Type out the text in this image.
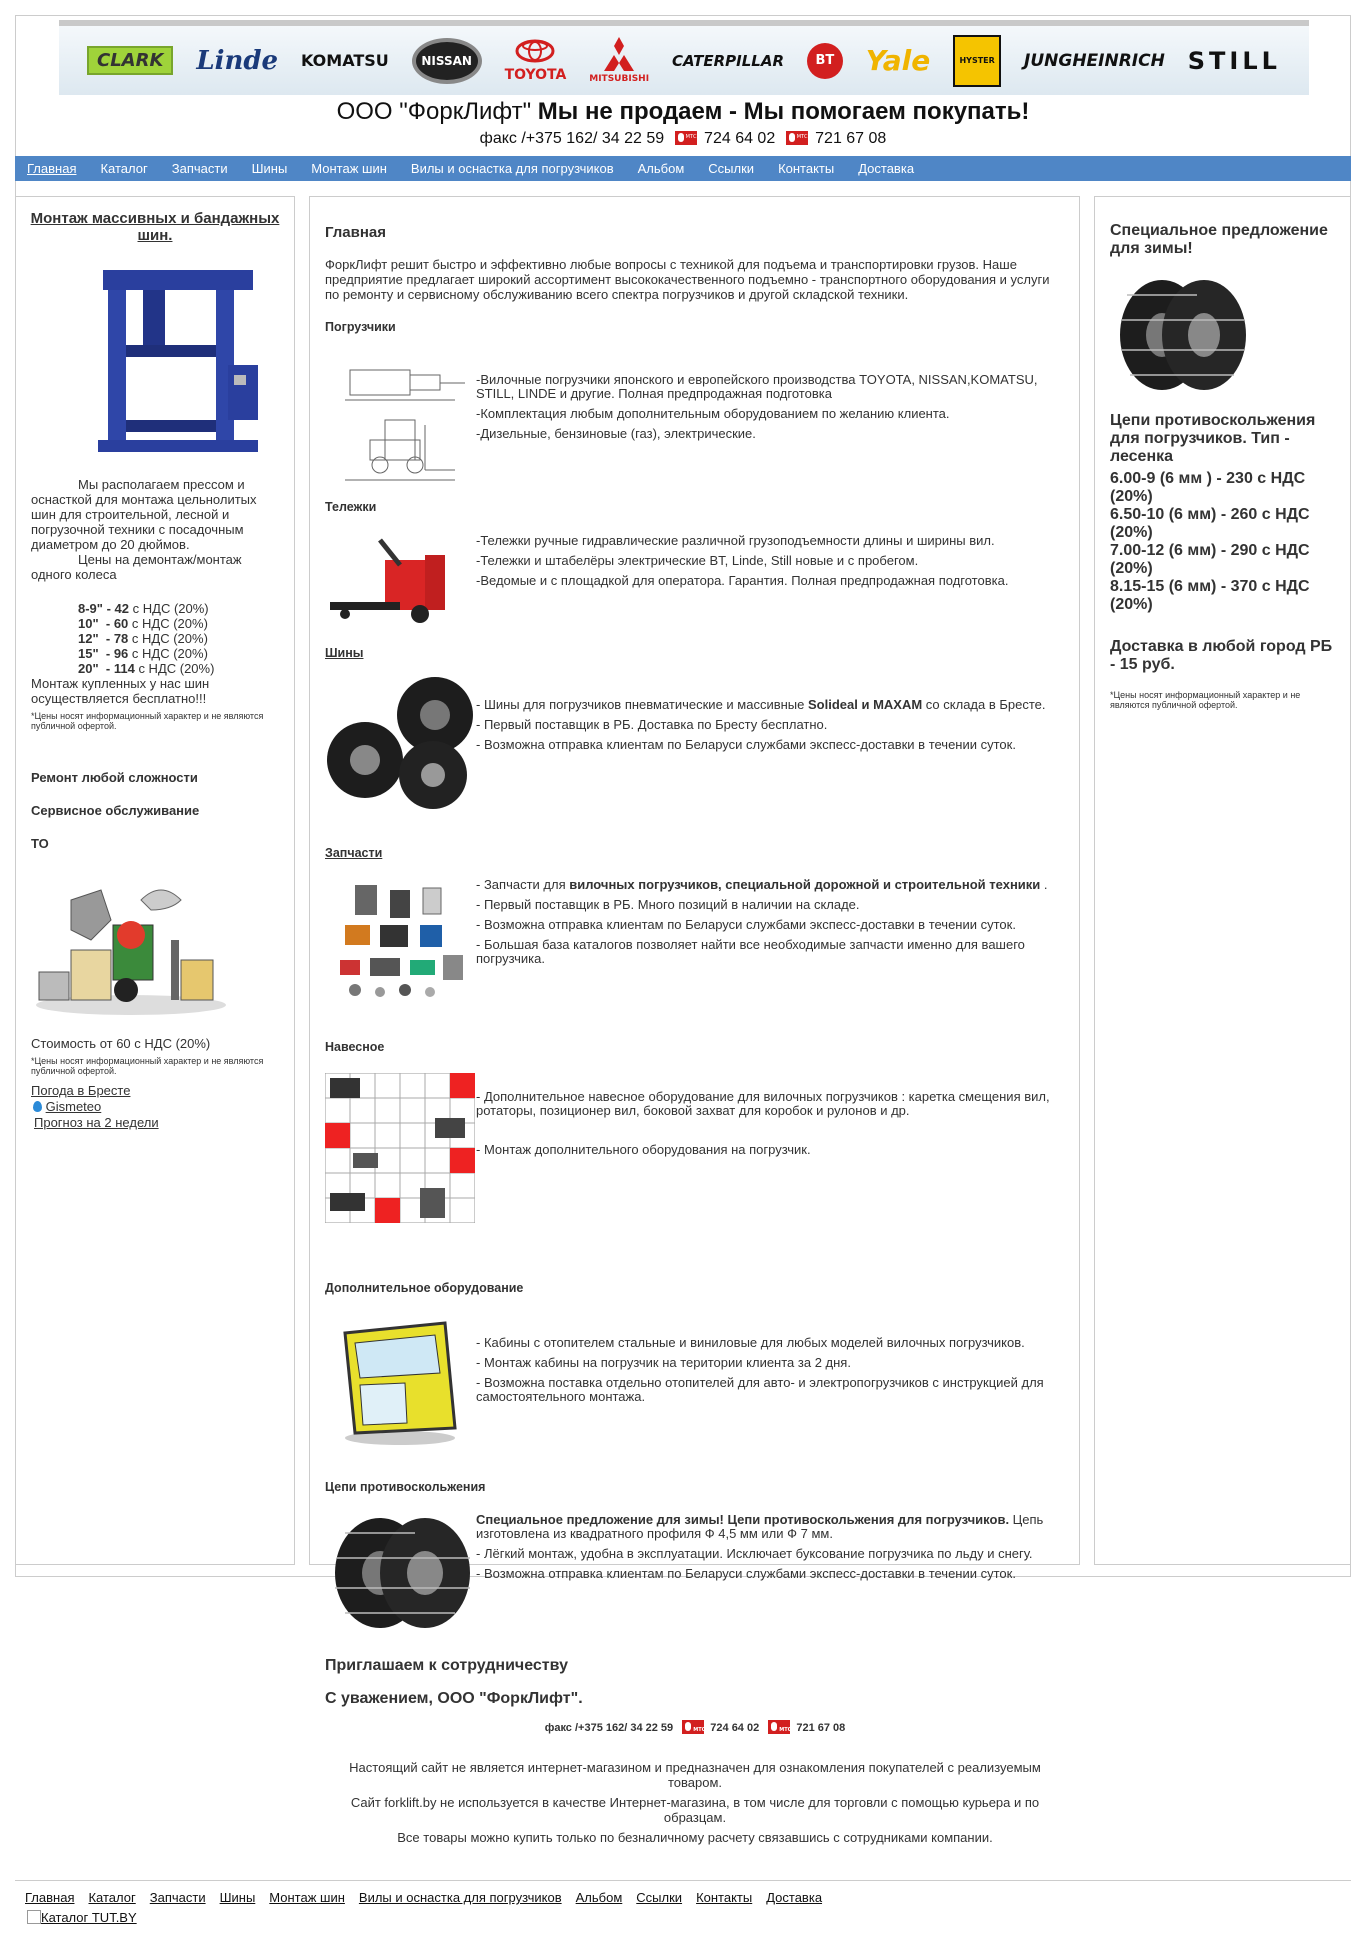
CLARK	Linde KOMATSU	NISSAN
TOYOTA	MITSUBISHI
CATERPILLAR	BT	Yale	HYSTER	JUNGHEINRICH STILL
ООО "ФоркЛифт" Мы не продаем - Мы помогаем покупать!
факс /+375 162/ 34 22 59 МТС 724 64 02 МТС 721 67 08
Главная Каталог Запчасти Шины Монтаж шин Вилы и оснастка для погрузчиков Альбом Ссылки Контакты Доставка
Монтаж массивных и бандажных шин.
Мы располагаем прессом и оснасткой для монтажа цельнолитых шин для строительной, лесной и погрузочной техники с посадочным диаметром до 20 дюймов.
Цены на демонтаж/монтаж одного колеса
8-9" - 42 с НДС (20%)
10"  - 60 с НДС (20%)
12"  - 78 с НДС (20%)
15"  - 96 с НДС (20%)
20"  - 114 с НДС (20%)
Монтаж купленных у нас шин осуществляется бесплатно!!!
*Цены носят информационный характер и не являются публичной офертой.
Ремонт любой сложности
Сервисное обслуживание
ТО
Стоимость от 60 с НДС (20%)
*Цены носят информационный характер и не являются публичной офертой.
Погода в Бресте
Gismeteo
Прогноз на 2 недели
Главная
ФоркЛифт решит быстро и эффективно любые вопросы с техникой для подъема и транспортировки грузов. Наше предприятие предлагает широкий ассортимент высококачественного подъемно - транспортного оборудования и услуги по ремонту и сервисному обслуживанию всего спектра погрузчиков и другой складской техники.
Погрузчики

-Вилочные погрузчики японского и европейского производства TOYOTA, NISSAN,KOMATSU, STILL, LINDE и другие. Полная предпродажная подготовка

-Комплектация любым дополнительным оборудованием по желанию клиента.

-Дизельные, бензиновые (газ), электрические.

Тележки

-Тележки ручные гидравлические различной грузоподъемности длины и ширины вил.

-Тележки и штабелёры электрические BT, Linde, Still новые и с пробегом.

-Ведомые и с площадкой для оператора. Гарантия. Полная предпродажная подготовка.

Шины

- Шины для погрузчиков пневматические и массивные Solideal и MAXAM со склада в Бресте.

- Первый поставщик в РБ. Доставка по Бресту бесплатно.

- Возможна отправка клиентам по Беларуси службами экспесс-доставки в течении суток.

Запчасти

- Запчасти для вилочных погрузчиков, специальной дорожной и строительной техники .

- Первый поставщик в РБ. Много позиций в наличии на складе.

- Возможна отправка клиентам по Беларуси службами экспесс-доставки в течении суток.

- Большая база каталогов позволяет найти все необходимые запчасти именно для вашего погрузчика.

Навесное

- Дополнительное навесное оборудование для вилочных погрузчиков : каретка смещения вил, ротаторы, позиционер вил, боковой захват для коробок и рулонов и др.

- Монтаж дополнительного оборудования на погрузчик.

Дополнительное оборудование

- Кабины с отопителем стальные и виниловые для любых моделей вилочных погрузчиков.

- Монтаж кабины на погрузчик на територии клиента за 2 дня.

- Возможна поставка отдельно отопителей для авто- и электропогрузчиков с инструкцией для самостоятельного монтажа.

Цепи противоскольжения

Специальное предложение для зимы! Цепи противоскольжения для погрузчиков. Цепь изготовлена из квадратного профиля Ф 4,5 мм или Ф 7 мм.

- Лёгкий монтаж, удобна в эксплуатации. Исключает буксование погрузчика по льду и снегу.

- Возможна отправка клиентам по Беларуси службами экспесс-доставки в течении суток.

Приглашаем к сотрудничеству
С уважением, ООО "ФоркЛифт".
факс /+375 162/ 34 22 59 МТС	724 64 02 МТС	721 67 08
Настоящий сайт не является интернет-магазином и предназначен для ознакомления покупателей с реализуемым товаром.
Сайт forklift.by не используется в качестве Интернет-магазина, в том числе для торговли с помощью курьера и по образцам.
Все товары можно купить только по безналичному расчету связавшись с сотрудниками компании.
Специальное предложение для зимы!
Цепи противоскольжения для погрузчиков. Тип - лесенка
6.00-9 (6 мм ) - 230 с НДС (20%)
6.50-10 (6 мм) - 260 с НДС (20%)
7.00-12 (6 мм) - 290 с НДС (20%)
8.15-15 (6 мм) - 370 с НДС (20%)
Доставка в любой город РБ - 15 руб.
*Цены носят информационный характер и не являются публичной офертой.
Главная Каталог Запчасти Шины Монтаж шин Вилы и оснастка для погрузчиков Альбом Ссылки Контакты Доставка
Каталог TUT.BY
